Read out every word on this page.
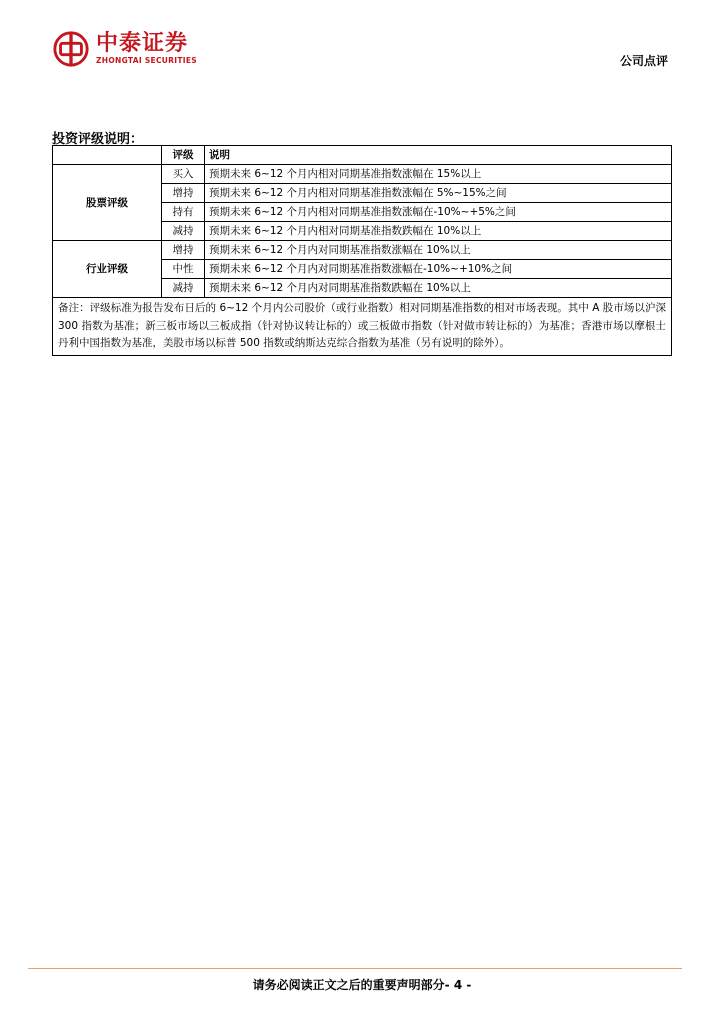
中泰证券
ZHONGTAI SECURITIES	公司点评
投资评级说明：
	评级	说明
股票评级	买入	预期未来 6~12 个月内相对同期基准指数涨幅在 15%以上
	增持	预期未来 6~12 个月内相对同期基准指数涨幅在 5%~15%之间
	持有	预期未来 6~12 个月内相对同期基准指数涨幅在-10%~+5%之间
	减持	预期未来 6~12 个月内相对同期基准指数跌幅在 10%以上
行业评级	增持	预期未来 6~12 个月内对同期基准指数涨幅在 10%以上
	中性	预期未来 6~12 个月内对同期基准指数涨幅在-10%~+10%之间
	减持	预期未来 6~12 个月内对同期基准指数跌幅在 10%以上
备注：评级标准为报告发布日后的 6~12 个月内公司股价（或行业指数）相对同期基准指数的相对市场表现。其中 A 股市场以沪深 300 指数为基准；新三板市场以三板成指（针对协议转让标的）或三板做市指数（针对做市转让标的）为基准；香港市场以摩根士丹利中国指数为基准，美股市场以标普 500 指数或纳斯达克综合指数为基准（另有说明的除外）。		
请务必阅读正文之后的重要声明部分- 4 -
